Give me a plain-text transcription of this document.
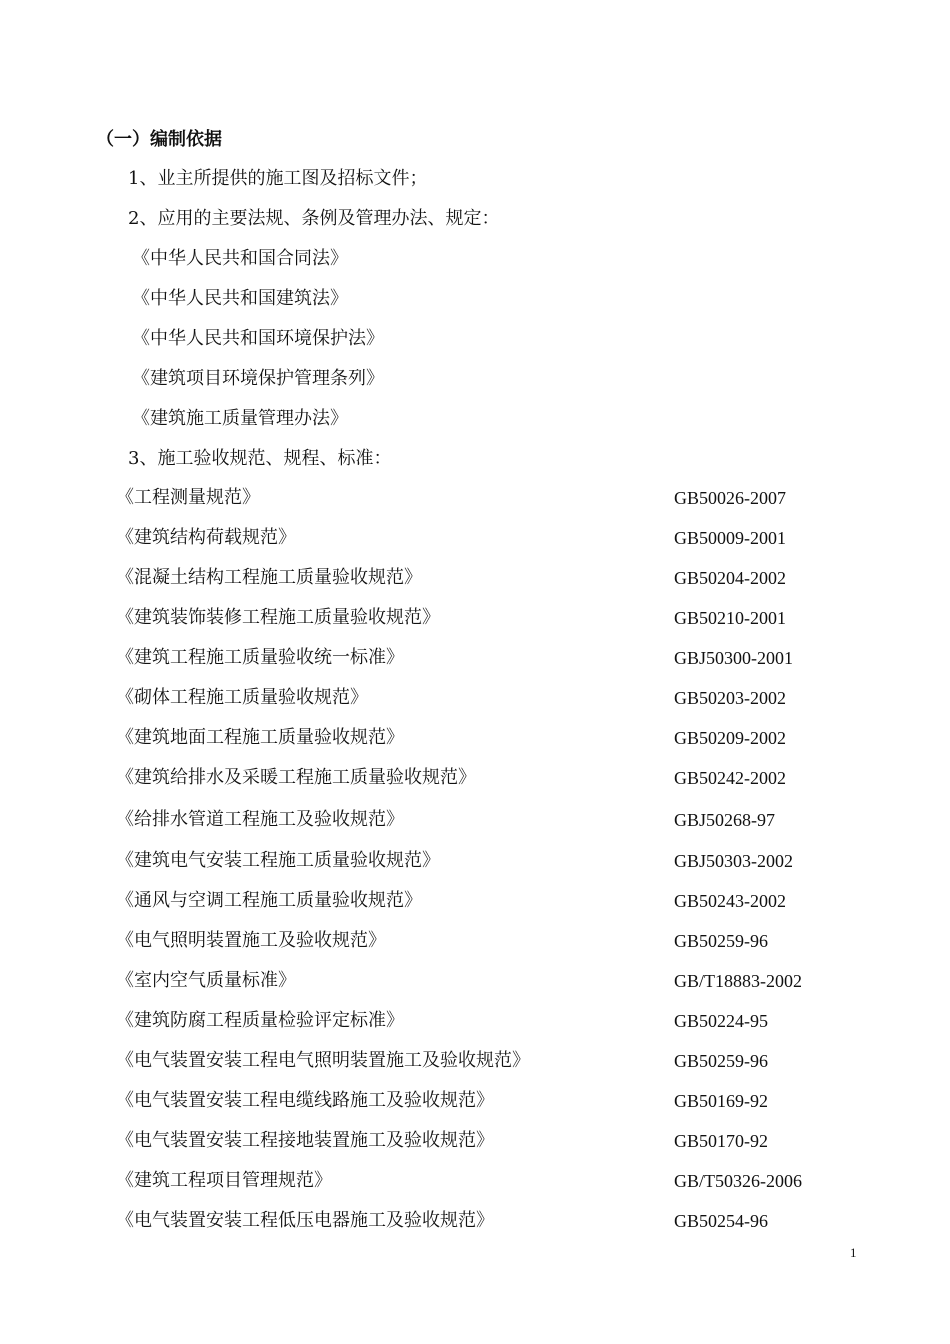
（一）编制依据
1、业主所提供的施工图及招标文件；
2、应用的主要法规、条例及管理办法、规定：
《中华人民共和国合同法》
《中华人民共和国建筑法》
《中华人民共和国环境保护法》
《建筑项目环境保护管理条列》
《建筑施工质量管理办法》
3、施工验收规范、规程、标准：
《工程测量规范》	GB50026-2007
《建筑结构荷载规范》	GB50009-2001
《混凝土结构工程施工质量验收规范》	GB50204-2002
《建筑装饰装修工程施工质量验收规范》	GB50210-2001
《建筑工程施工质量验收统一标准》	GBJ50300-2001
《砌体工程施工质量验收规范》	GB50203-2002
《建筑地面工程施工质量验收规范》	GB50209-2002
《建筑给排水及采暖工程施工质量验收规范》	GB50242-2002
《给排水管道工程施工及验收规范》	GBJ50268-97
《建筑电气安装工程施工质量验收规范》	GBJ50303-2002
《通风与空调工程施工质量验收规范》	GB50243-2002
《电气照明装置施工及验收规范》	GB50259-96
《室内空气质量标准》	GB/T18883-2002
《建筑防腐工程质量检验评定标准》	GB50224-95
《电气装置安装工程电气照明装置施工及验收规范》	GB50259-96
《电气装置安装工程电缆线路施工及验收规范》	GB50169-92
《电气装置安装工程接地装置施工及验收规范》	GB50170-92
《建筑工程项目管理规范》	GB/T50326-2006
《电气装置安装工程低压电器施工及验收规范》	GB50254-96
1
